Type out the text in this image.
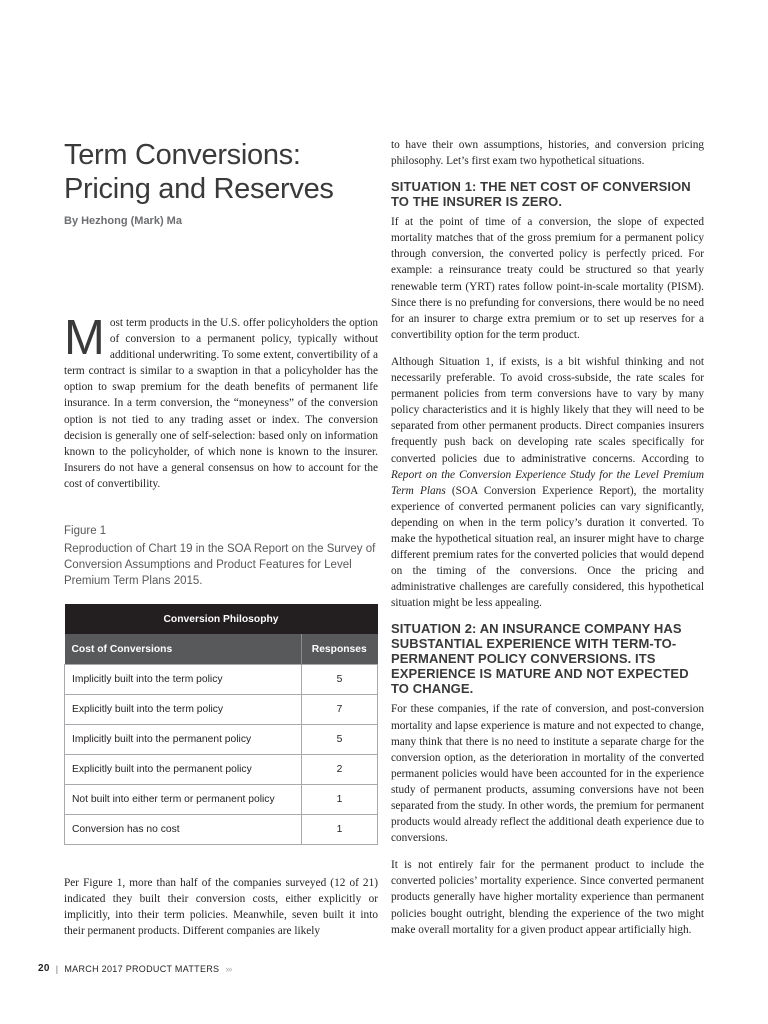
Term Conversions:
Pricing and Reserves

By Hezhong (Mark) Ma

Most term products in the U.S. offer policyholders the option of conversion to a permanent policy, typically without additional underwriting. To some extent, convertibility of a term contract is similar to a swaption in that a policyholder has the option to swap premium for the death benefits of permanent life insurance. In a term conversion, the “moneyness” of the conversion option is not tied to any trading asset or index. The conversion decision is generally one of self-selection: based only on information known to the policyholder, of which none is known to the insurer. Insurers do not have a general consensus on how to account for the cost of convertibility.

Figure 1

Reproduction of Chart 19 in the SOA Report on the Survey of Conversion Assumptions and Product Features for Level Premium Term Plans 2015.

Conversion Philosophy	
Cost of Conversions	Responses
Implicitly built into the term policy	5
Explicitly built into the term policy	7
Implicitly built into the permanent policy	5
Explicitly built into the permanent policy	2
Not built into either term or permanent policy	1
Conversion has no cost	1

Per Figure 1, more than half of the companies surveyed (12 of 21) indicated they built their conversion costs, either explicitly or implicitly, into their term policies. Meanwhile, seven built it into their permanent products. Different companies are likely

to have their own assumptions, histories, and conversion pricing philosophy. Let’s first exam two hypothetical situations.

SITUATION 1: THE NET COST OF CONVERSION TO THE INSURER IS ZERO.

If at the point of time of a conversion, the slope of expected mortality matches that of the gross premium for a permanent policy through conversion, the converted policy is perfectly priced. For example: a reinsurance treaty could be structured so that yearly renewable term (YRT) rates follow point-in-scale mortality (PISM). Since there is no prefunding for conversions, there would be no need for an insurer to charge extra premium or to set up reserves for a convertibility option for the term product.

Although Situation 1, if exists, is a bit wishful thinking and not necessarily preferable. To avoid cross-subside, the rate scales for permanent policies from term conversions have to vary by many policy characteristics and it is highly likely that they will need to be separated from other permanent products. Direct companies insurers frequently push back on developing rate scales specifically for converted policies due to administrative concerns. According to Report on the Conversion Experience Study for the Level Premium Term Plans (SOA Conversion Experience Report), the mortality experience of converted permanent policies can vary significantly, depending on when in the term policy’s duration it converted. To make the hypothetical situation real, an insurer might have to charge different premium rates for the converted policies that would depend on the timing of the conversions. Once the pricing and administrative challenges are carefully considered, this hypothetical situation might be less appealing.

SITUATION 2: AN INSURANCE COMPANY HAS SUBSTANTIAL EXPERIENCE WITH TERM-TO-PERMANENT POLICY CONVERSIONS. ITS EXPERIENCE IS MATURE AND NOT EXPECTED TO CHANGE.

For these companies, if the rate of conversion, and post-conversion mortality and lapse experience is mature and not expected to change, many think that there is no need to institute a separate charge for the conversion option, as the deterioration in mortality of the converted permanent policies would have been accounted for in the experience study of permanent products, assuming conversions have not been separated from the study. In other words, the premium for permanent products would already reflect the additional death experience due to conversions.

It is not entirely fair for the permanent product to include the converted policies’ mortality experience. Since converted permanent products generally have higher mortality experience than permanent policies bought outright, blending the experience of the two might make overall mortality for a given product appear artificially high.

20 | MARCH 2017 PRODUCT MATTERS ›››
